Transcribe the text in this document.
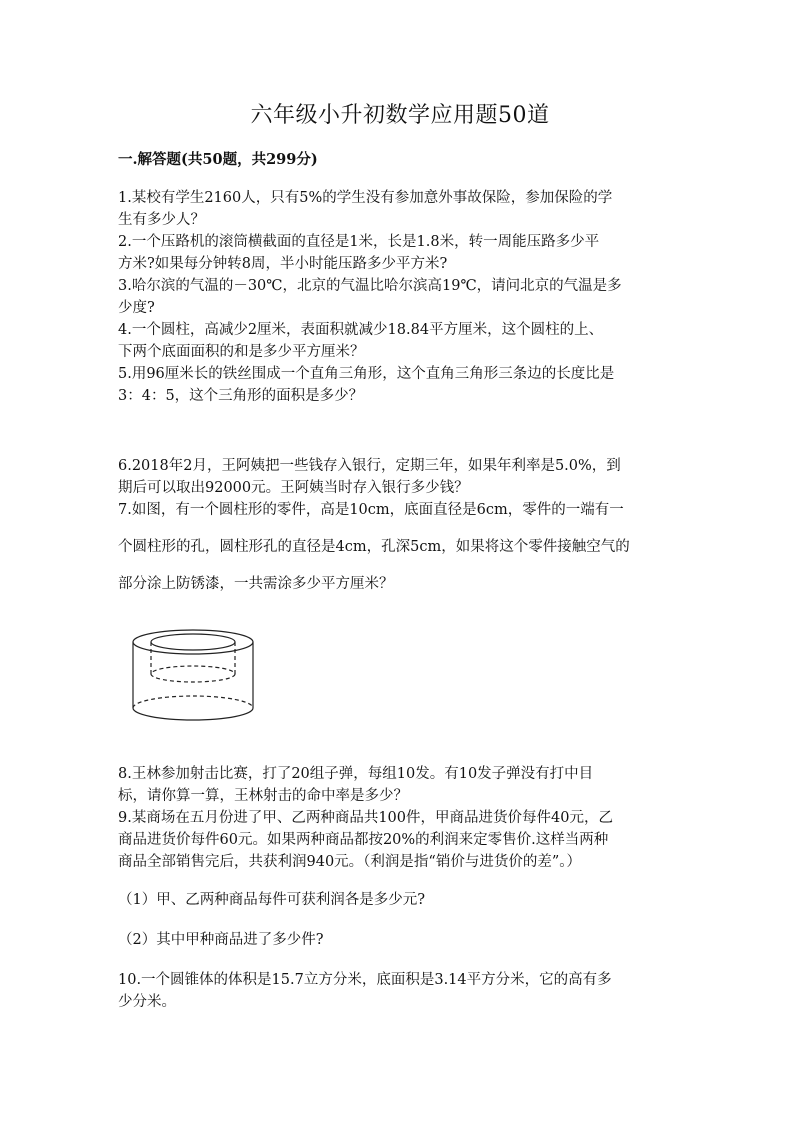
六年级小升初数学应用题50道
一.解答题(共50题，共299分)
1.某校有学生2160人，只有5%的学生没有参加意外事故保险，参加保险的学
生有多少人？
2.一个压路机的滚筒横截面的直径是1米，长是1.8米，转一周能压路多少平
方米?如果每分钟转8周，半小时能压路多少平方米?
3.哈尔滨的气温的－30℃，北京的气温比哈尔滨高19℃，请问北京的气温是多
少度?
4.一个圆柱，高减少2厘米，表面积就减少18.84平方厘米，这个圆柱的上、
下两个底面面积的和是多少平方厘米？
5.用96厘米长的铁丝围成一个直角三角形，这个直角三角形三条边的长度比是
3：4：5，这个三角形的面积是多少？
6.2018年2月，王阿姨把一些钱存入银行，定期三年，如果年利率是5.0%，到
期后可以取出92000元。王阿姨当时存入银行多少钱？
7.如图，有一个圆柱形的零件，高是10cm，底面直径是6cm，零件的一端有一
个圆柱形的孔，圆柱形孔的直径是4cm，孔深5cm，如果将这个零件接触空气的
部分涂上防锈漆，一共需涂多少平方厘米？
8.王林参加射击比赛，打了20组子弹，每组10发。有10发子弹没有打中目
标，请你算一算，王林射击的命中率是多少？
9.某商场在五月份进了甲、乙两种商品共100件，甲商品进货价每件40元，乙
商品进货价每件60元。如果两种商品都按20%的利润来定零售价.这样当两种
商品全部销售完后，共获利润940元。（利润是指“销价与进货价的差”。）
（1）甲、乙两种商品每件可获利润各是多少元?
（2）其中甲种商品进了多少件?
10.一个圆锥体的体积是15.7立方分米，底面积是3.14平方分米，它的高有多
少分米。
